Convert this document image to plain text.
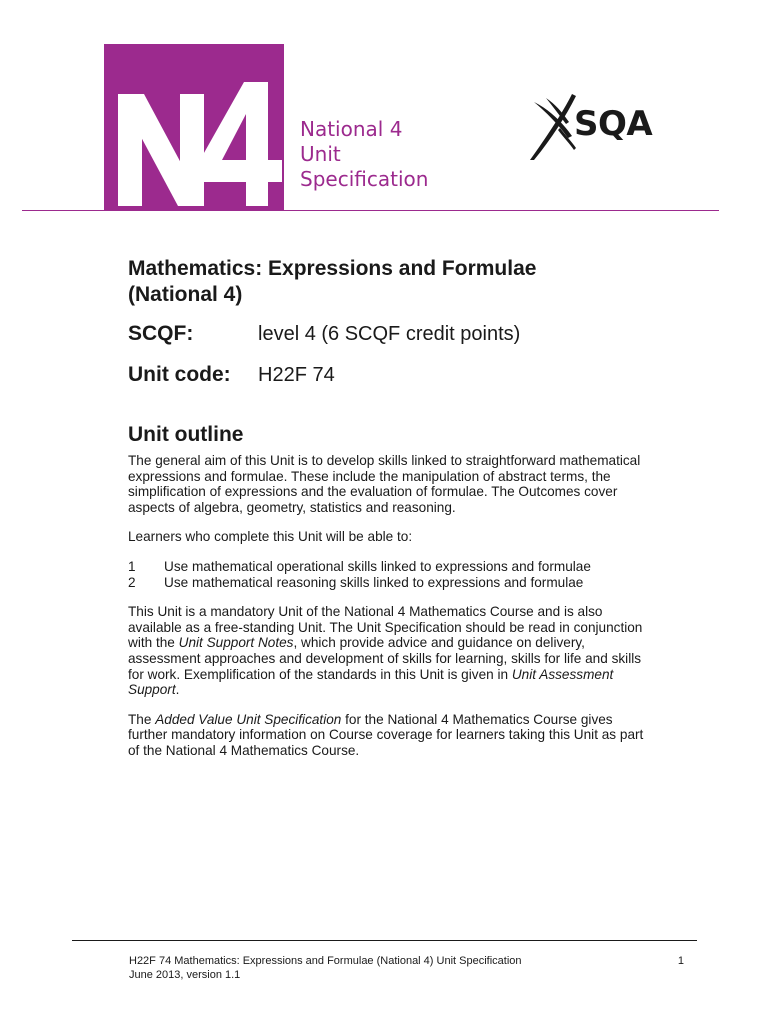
National 4
Unit
Specification
SQA
Mathematics: Expressions and Formulae
(National 4)
SCQF:	level 4 (6 SCQF credit points)
Unit code:	H22F 74
Unit outline

The general aim of this Unit is to develop skills linked to straightforward mathematical expressions and formulae. These include the manipulation of abstract terms, the simplification of expressions and the evaluation of formulae. The Outcomes cover aspects of algebra, geometry, statistics and reasoning.

Learners who complete this Unit will be able to:

1	Use mathematical operational skills linked to expressions and formulae
2	Use mathematical reasoning skills linked to expressions and formulae

This Unit is a mandatory Unit of the National 4 Mathematics Course and is also available as a free-standing Unit. The Unit Specification should be read in conjunction with the Unit Support Notes, which provide advice and guidance on delivery, assessment approaches and development of skills for learning, skills for life and skills for work. Exemplification of the standards in this Unit is given in Unit Assessment Support.

The Added Value Unit Specification for the National 4 Mathematics Course gives further mandatory information on Course coverage for learners taking this Unit as part of the National 4 Mathematics Course.

H22F 74 Mathematics: Expressions and Formulae (National 4) Unit Specification
June 2013, version 1.1
1
